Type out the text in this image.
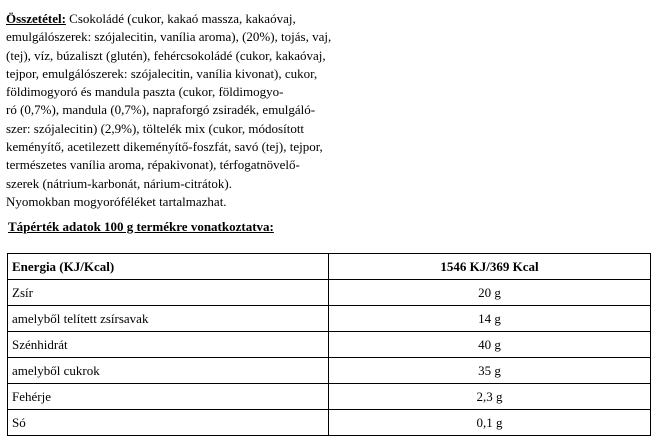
Összetétel: Csokoládé (cukor, kakaó massza, kakaóvaj,
emulgálószerek: szójalecitin, vanília aroma), (20%), tojás, vaj,
(tej), víz, búzaliszt (glutén), fehércsokoládé (cukor, kakaóvaj,
tejpor, emulgálószerek: szójalecitin, vanília kivonat), cukor,
földimogyoró és mandula paszta (cukor, földimogyo-
ró (0,7%), mandula (0,7%), napraforgó zsiradék, emulgáló-
szer: szójalecitin) (2,9%), töltelék mix (cukor, módosított
keményítő, acetilezett dikeményítő-foszfát, savó (tej), tejpor,
természetes vanília aroma, répakivonat), térfogatnövelő-
szerek (nátrium-karbonát, nárium-citrátok).
Nyomokban mogyoróféléket tartalmazhat.
Tápérték adatok 100 g termékre vonatkoztatva:
Energia (KJ/Kcal)	1546 KJ/369 Kcal
Zsír	20 g
amelyből telített zsírsavak	14 g
Szénhidrát	40 g
amelyből cukrok	35 g
Fehérje	2,3 g
Só	0,1 g
